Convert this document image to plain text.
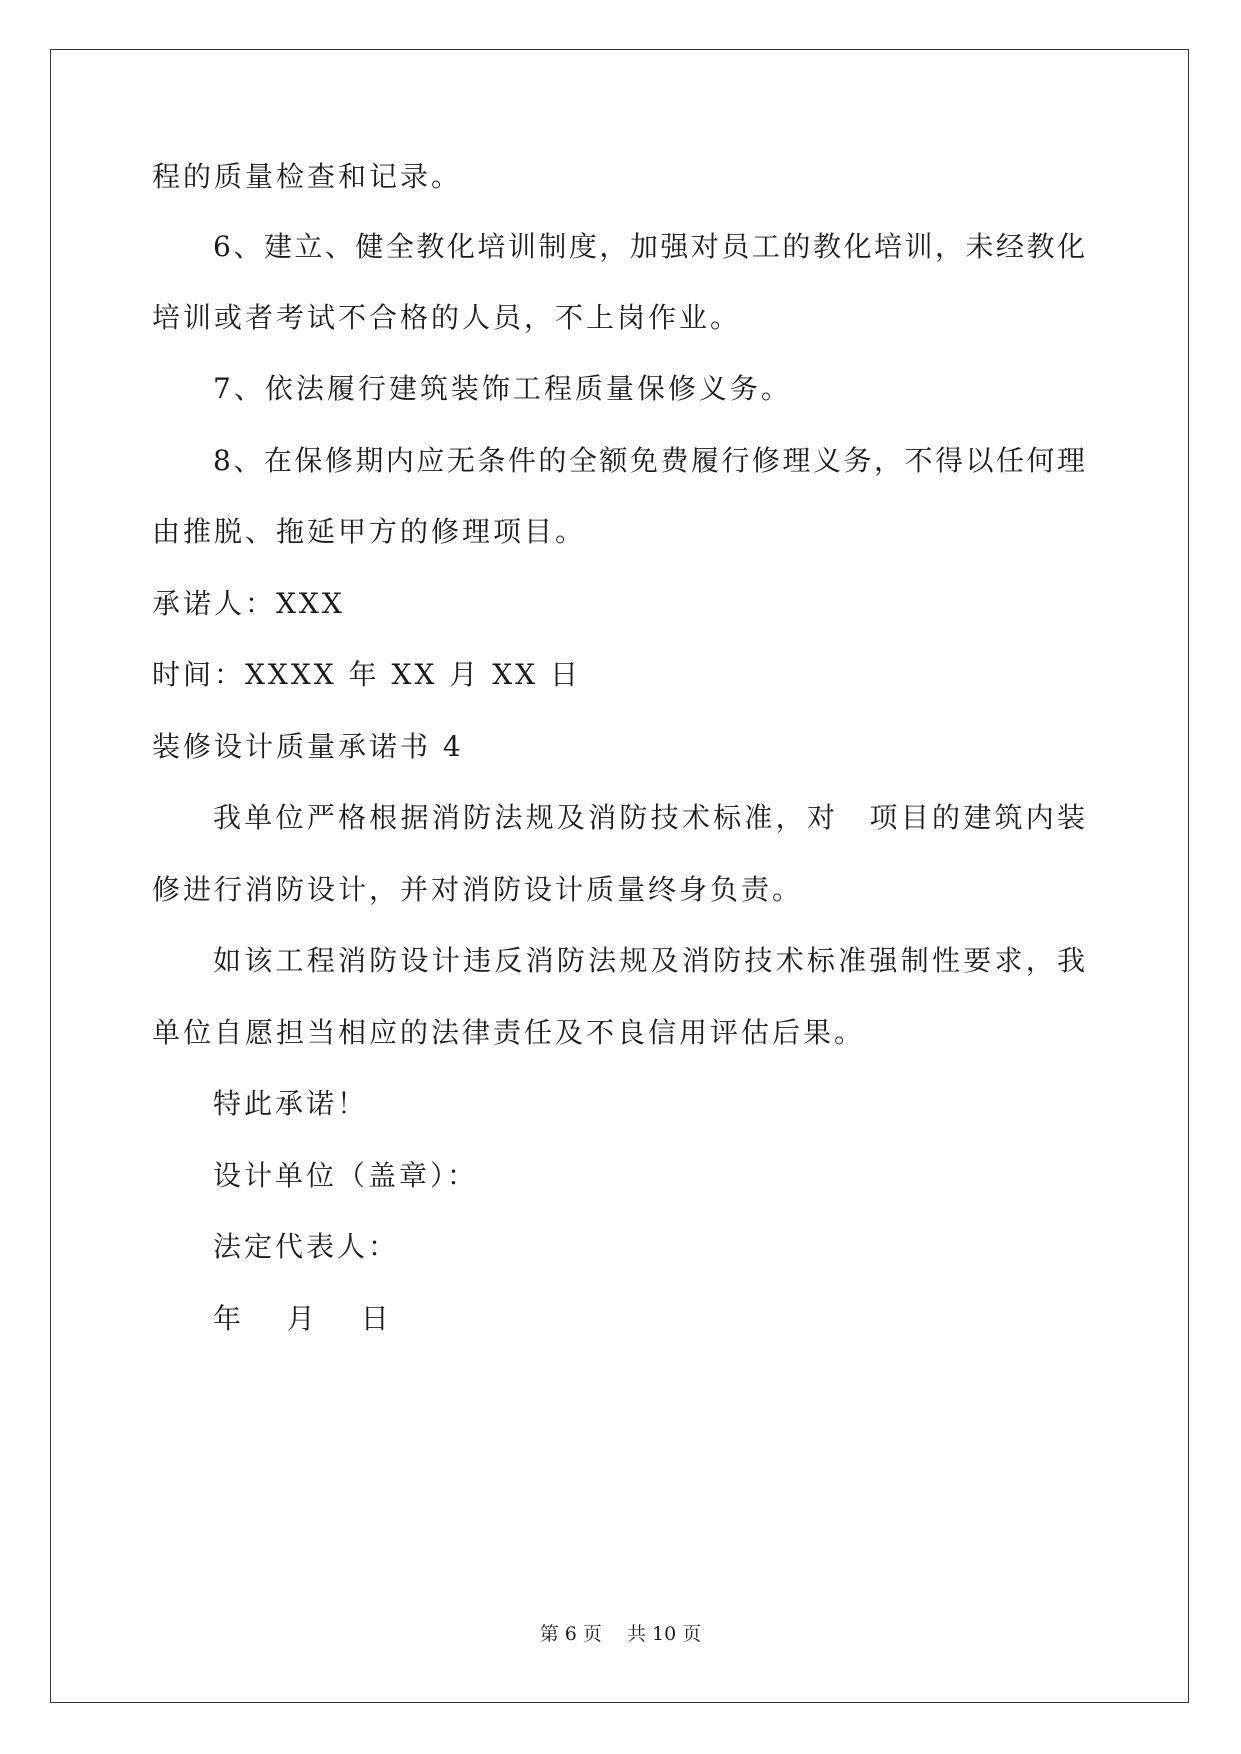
程的质量检查和记录。
6、建立、健全教化培训制度，加强对员工的教化培训，未经教化
培训或者考试不合格的人员，不上岗作业。
7、依法履行建筑装饰工程质量保修义务。
8、在保修期内应无条件的全额免费履行修理义务，不得以任何理
由推脱、拖延甲方的修理项目。
承诺人：XXX
时间：XXXX 年 XX 月 XX 日
装修设计质量承诺书 4
我单位严格根据消防法规及消防技术标准，对　项目的建筑内装
修进行消防设计，并对消防设计质量终身负责。
如该工程消防设计违反消防法规及消防技术标准强制性要求，我
单位自愿担当相应的法律责任及不良信用评估后果。
特此承诺！
设计单位（盖章）：
法定代表人：
年　 月　 日
第 6 页　 共 10 页
